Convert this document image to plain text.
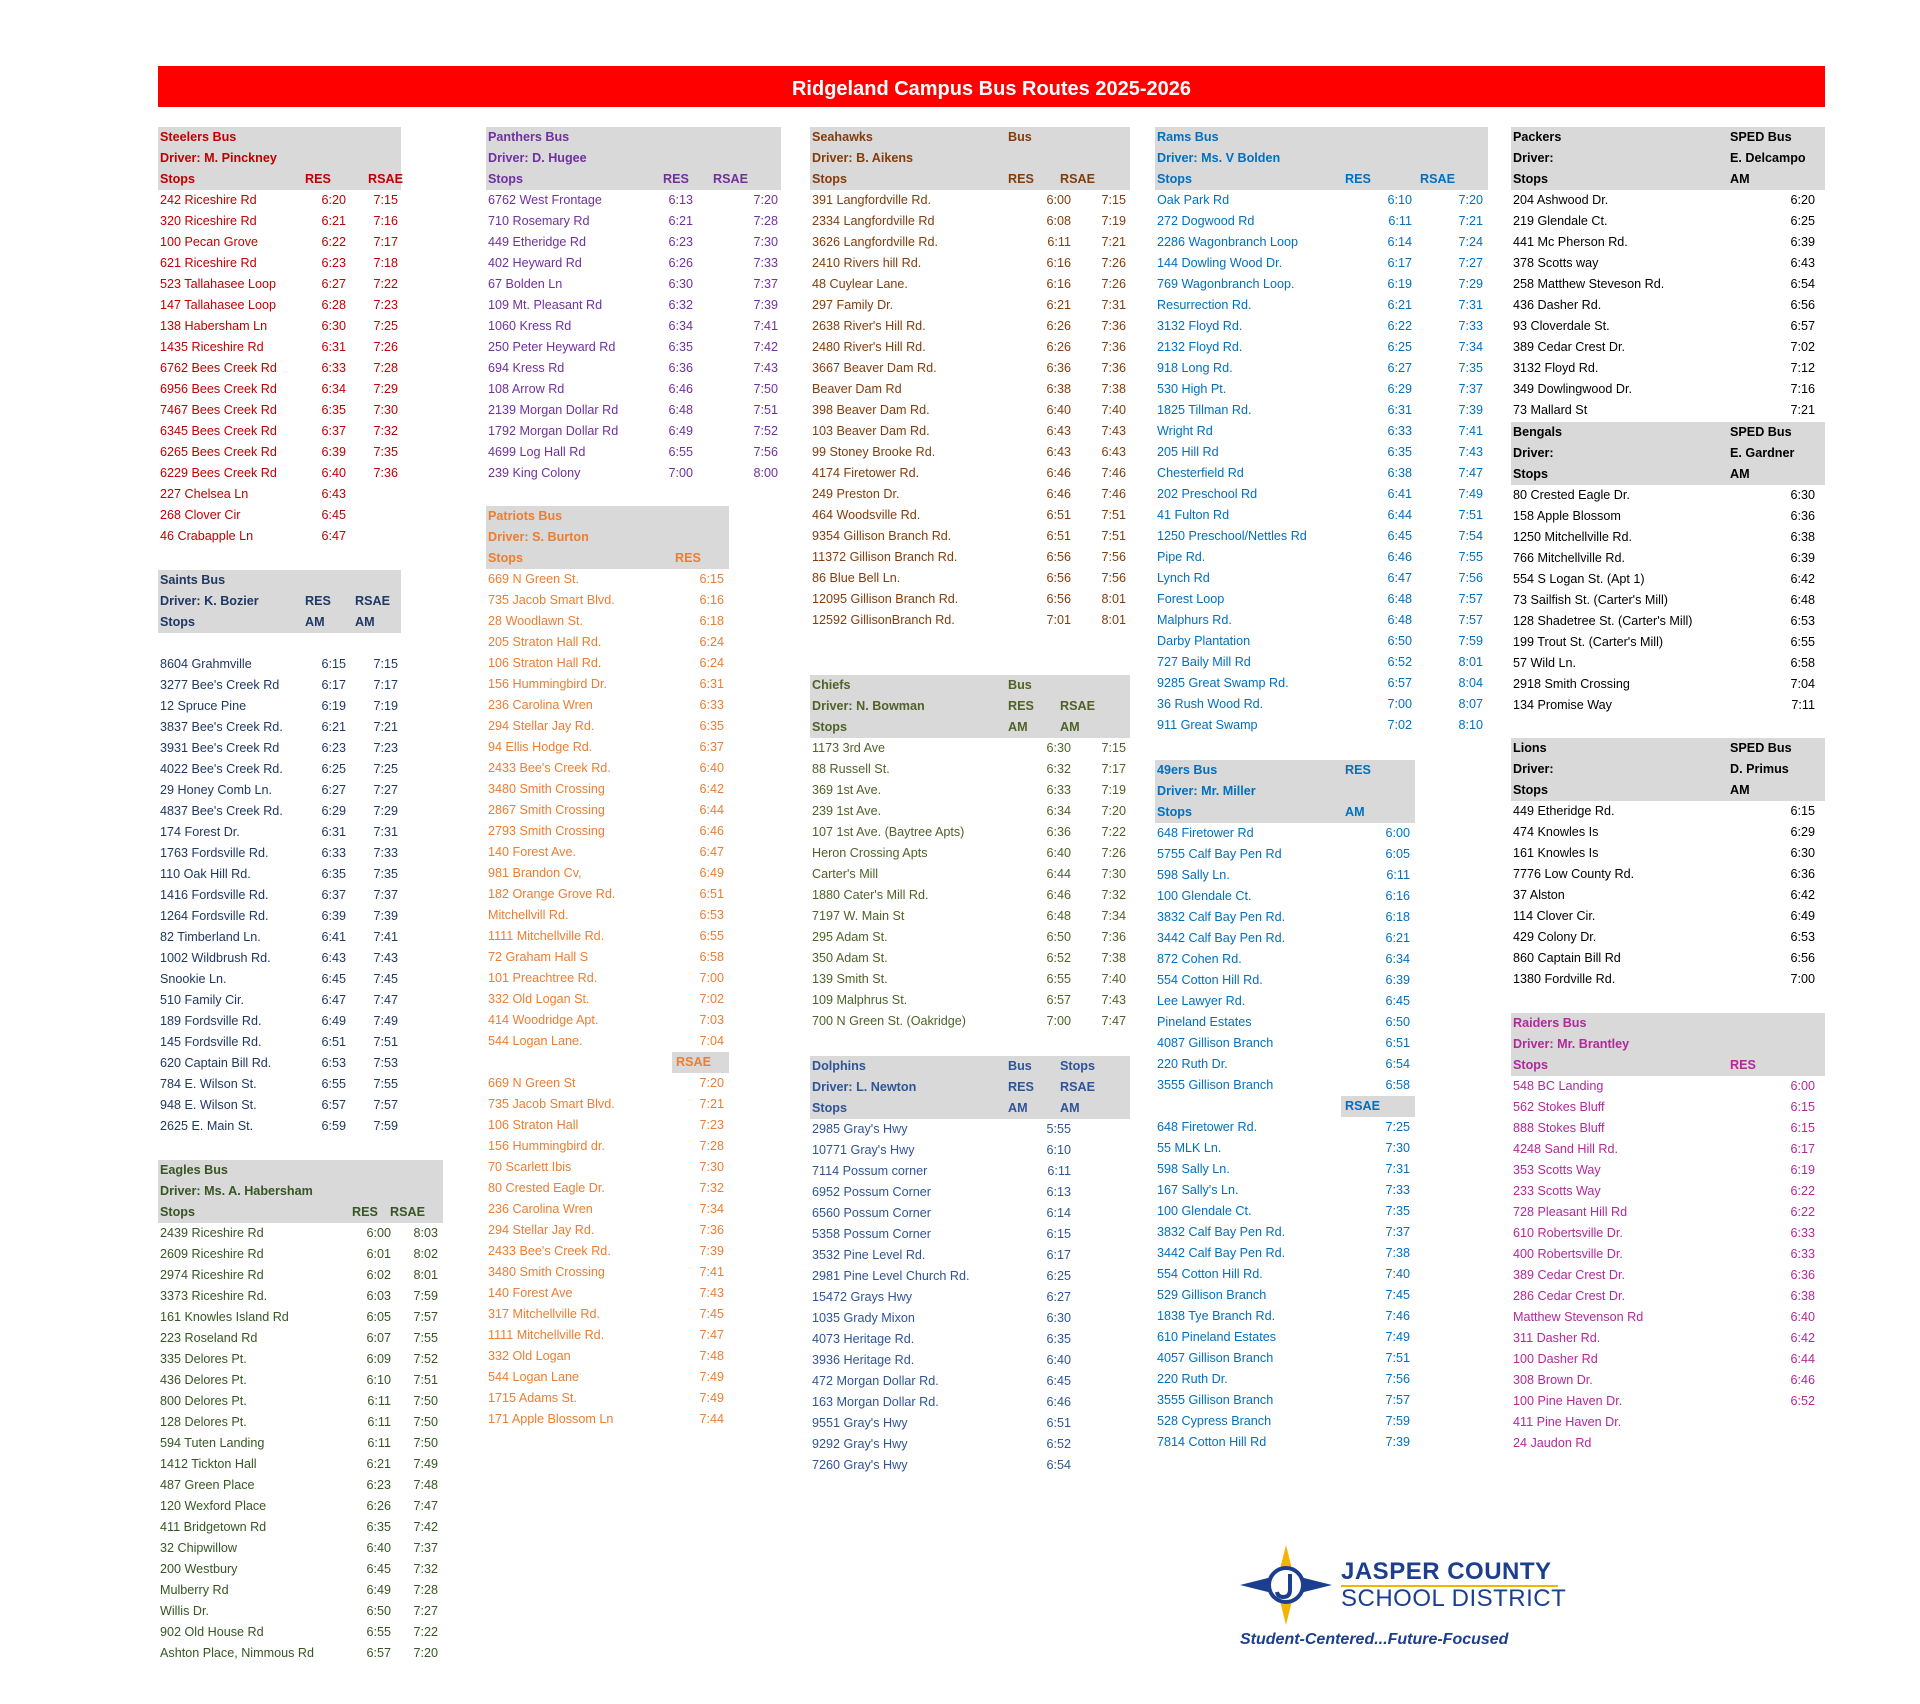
Ridgeland Campus Bus Routes 2025-2026
Steelers Bus
Driver: M. Pinckney
Stops	RES	RSAE
242 Riceshire Rd	6:20 7:15
320 Riceshire Rd	6:21 7:16
100 Pecan Grove	6:22 7:17
621 Riceshire Rd	6:23 7:18
523 Tallahasee Loop	6:27 7:22
147 Tallahasee Loop	6:28 7:23
138 Habersham Ln	6:30 7:25
1435 Riceshire Rd	6:31 7:26
6762 Bees Creek Rd	6:33 7:28
6956 Bees Creek Rd	6:34 7:29
7467 Bees Creek Rd	6:35 7:30
6345 Bees Creek Rd	6:37 7:32
6265 Bees Creek Rd	6:39 7:35
6229 Bees Creek Rd	6:40 7:36
227 Chelsea Ln	6:43
268 Clover Cir	6:45
46 Crabapple Ln	6:47
Saints Bus
Driver: K. Bozier	RES RSAE
Stops	AM AM
8604 Grahmville	6:15 7:15
3277 Bee's Creek Rd	6:17 7:17
12 Spruce Pine	6:19 7:19
3837 Bee's Creek Rd.	6:21 7:21
3931 Bee's Creek Rd	6:23 7:23
4022 Bee's Creek Rd.	6:25 7:25
29 Honey Comb Ln.	6:27 7:27
4837 Bee's Creek Rd.	6:29 7:29
174 Forest Dr.	6:31 7:31
1763 Fordsville Rd.	6:33 7:33
110 Oak Hill Rd.	6:35 7:35
1416 Fordsville Rd.	6:37 7:37
1264 Fordsville Rd.	6:39 7:39
82 Timberland Ln.	6:41 7:41
1002 Wildbrush Rd.	6:43 7:43
Snookie Ln.	6:45 7:45
510 Family Cir.	6:47 7:47
189 Fordsville Rd.	6:49 7:49
145 Fordsville Rd.	6:51 7:51
620 Captain Bill Rd.	6:53 7:53
784 E. Wilson St.	6:55 7:55
948 E. Wilson St.	6:57 7:57
2625 E. Main St.	6:59 7:59
Eagles Bus
Driver: Ms. A. Habersham
Stops	RES RSAE
2439 Riceshire Rd	6:00 8:03
2609 Riceshire Rd	6:01 8:02
2974 Riceshire Rd	6:02 8:01
3373 Riceshire Rd.	6:03 7:59
161 Knowles Island Rd	6:05 7:57
223 Roseland Rd	6:07 7:55
335 Delores Pt.	6:09 7:52
436 Delores Pt.	6:10 7:51
800 Delores Pt.	6:11 7:50
128 Delores Pt.	6:11 7:50
594 Tuten Landing	6:11 7:50
1412 Tickton Hall	6:21 7:49
487 Green Place	6:23 7:48
120 Wexford Place	6:26 7:47
411 Bridgetown Rd	6:35 7:42
32 Chipwillow	6:40 7:37
200 Westbury	6:45 7:32
Mulberry Rd	6:49 7:28
Willis Dr.	6:50 7:27
902 Old House Rd	6:55 7:22
Ashton Place, Nimmous Rd	6:57 7:20
Panthers Bus
Driver: D. Hugee
Stops	RES RSAE
6762 West Frontage	6:13	7:20
710 Rosemary Rd	6:21	7:28
449 Etheridge Rd	6:23	7:30
402 Heyward Rd	6:26	7:33
67 Bolden Ln	6:30	7:37
109 Mt. Pleasant Rd	6:32	7:39
1060 Kress Rd	6:34	7:41
250 Peter Heyward Rd	6:35	7:42
694 Kress Rd	6:36	7:43
108 Arrow Rd	6:46	7:50
2139 Morgan Dollar Rd	6:48	7:51
1792 Morgan Dollar Rd	6:49	7:52
4699 Log Hall Rd	6:55	7:56
239 King Colony	7:00	8:00
Patriots Bus
Driver: S. Burton
Stops	RES
669 N Green St.	6:15
735 Jacob Smart Blvd.	6:16
28 Woodlawn St.	6:18
205 Straton Hall Rd.	6:24
106 Straton Hall Rd.	6:24
156 Hummingbird Dr.	6:31
236 Carolina Wren	6:33
294 Stellar Jay Rd.	6:35
94 Ellis Hodge Rd.	6:37
2433 Bee's Creek Rd.	6:40
3480 Smith Crossing	6:42
2867 Smith Crossing	6:44
2793 Smith Crossing	6:46
140 Forest Ave.	6:47
981 Brandon Cv,	6:49
182 Orange Grove Rd.	6:51
Mitchellvill Rd.	6:53
1111 Mitchellville Rd.	6:55
72 Graham Hall S	6:58
101 Preachtree Rd.	7:00
332 Old Logan St.	7:02
414 Woodridge Apt.	7:03
544 Logan Lane.	7:04
RSAE
669 N Green St	7:20
735 Jacob Smart Blvd.	7:21
106 Straton Hall	7:23
156 Hummingbird dr.	7:28
70 Scarlett Ibis	7:30
80 Crested Eagle Dr.	7:32
236 Carolina Wren	7:34
294 Stellar Jay Rd.	7:36
2433 Bee's Creek Rd.	7:39
3480 Smith Crossing	7:41
140 Forest Ave	7:43
317 Mitchellville Rd.	7:45
1111 Mitchellville Rd.	7:47
332 Old Logan	7:48
544 Logan Lane	7:49
1715 Adams St.	7:49
171 Apple Blossom Ln	7:44
Seahawks	Bus
Driver: B. Aikens
Stops	RES RSAE
391 Langfordville Rd.	6:00 7:15
2334 Langfordville Rd	6:08 7:19
3626 Langfordville Rd.	6:11 7:21
2410 Rivers hill Rd.	6:16 7:26
48 Cuylear Lane.	6:16 7:26
297 Family Dr.	6:21 7:31
2638 River's Hill Rd.	6:26 7:36
2480 River's Hill Rd.	6:26 7:36
3667 Beaver Dam Rd.	6:36 7:36
Beaver Dam Rd	6:38 7:38
398 Beaver Dam Rd.	6:40 7:40
103 Beaver Dam Rd.	6:43 7:43
99 Stoney Brooke Rd.	6:43 6:43
4174 Firetower Rd.	6:46 7:46
249 Preston Dr.	6:46 7:46
464 Woodsville Rd.	6:51 7:51
9354 Gillison Branch Rd.	6:51 7:51
11372 Gillison Branch Rd.	6:56 7:56
86 Blue Bell Ln.	6:56 7:56
12095 Gillison Branch Rd.	6:56 8:01
12592 GillisonBranch Rd.	7:01 8:01
Chiefs	Bus
Driver: N. Bowman	RES RSAE
Stops	AM	AM
1173 3rd Ave	6:30 7:15
88 Russell St.	6:32 7:17
369 1st Ave.	6:33 7:19
239 1st Ave.	6:34 7:20
107 1st Ave. (Baytree Apts)	6:36 7:22
Heron Crossing Apts	6:40 7:26
Carter's Mill	6:44 7:30
1880 Cater's Mill Rd.	6:46 7:32
7197 W. Main St	6:48 7:34
295 Adam St.	6:50 7:36
350 Adam St.	6:52 7:38
139 Smith St.	6:55 7:40
109 Malphrus St.	6:57 7:43
700 N Green St. (Oakridge)	7:00 7:47
Dolphins	Bus Stops
Driver: L. Newton	RES RSAE
Stops	AM	AM
2985 Gray's Hwy	5:55
10771 Gray's Hwy	6:10
7114 Possum corner	6:11
6952 Possum Corner	6:13
6560 Possum Corner	6:14
5358 Possum Corner	6:15
3532 Pine Level Rd.	6:17
2981 Pine Level Church Rd.	6:25
15472 Grays Hwy	6:27
1035 Grady Mixon	6:30
4073 Heritage Rd.	6:35
3936 Heritage Rd.	6:40
472 Morgan Dollar Rd.	6:45
163 Morgan Dollar Rd.	6:46
9551 Gray's Hwy	6:51
9292 Gray's Hwy	6:52
7260 Gray's Hwy	6:54
Rams Bus
Driver: Ms. V Bolden
Stops	RES	RSAE
Oak Park Rd	6:10	7:20
272 Dogwood Rd	6:11	7:21
2286 Wagonbranch Loop	6:14	7:24
144 Dowling Wood Dr.	6:17	7:27
769 Wagonbranch Loop.	6:19	7:29
Resurrection Rd.	6:21	7:31
3132 Floyd Rd.	6:22	7:33
2132 Floyd Rd.	6:25	7:34
918 Long Rd.	6:27	7:35
530 High Pt.	6:29	7:37
1825 Tillman Rd.	6:31	7:39
Wright Rd	6:33	7:41
205 Hill Rd	6:35	7:43
Chesterfield Rd	6:38	7:47
202 Preschool Rd	6:41	7:49
41 Fulton Rd	6:44	7:51
1250 Preschool/Nettles Rd	6:45	7:54
Pipe Rd.	6:46	7:55
Lynch Rd	6:47	7:56
Forest Loop	6:48	7:57
Malphurs Rd.	6:48	7:57
Darby Plantation	6:50	7:59
727 Baily Mill Rd	6:52	8:01
9285 Great Swamp Rd.	6:57	8:04
36 Rush Wood Rd.	7:00	8:07
911 Great Swamp	7:02	8:10
49ers Bus	RES
Driver: Mr. Miller
Stops	AM
648 Firetower Rd	6:00
5755 Calf Bay Pen Rd	6:05
598 Sally Ln.	6:11
100 Glendale Ct.	6:16
3832 Calf Bay Pen Rd.	6:18
3442 Calf Bay Pen Rd.	6:21
872 Cohen Rd.	6:34
554 Cotton Hill Rd.	6:39
Lee Lawyer Rd.	6:45
Pineland Estates	6:50
4087 Gillison Branch	6:51
220 Ruth Dr.	6:54
3555 Gillison Branch	6:58
RSAE
648 Firetower Rd.	7:25
55 MLK Ln.	7:30
598 Sally Ln.	7:31
167 Sally's Ln.	7:33
100 Glendale Ct.	7:35
3832 Calf Bay Pen Rd.	7:37
3442 Calf Bay Pen Rd.	7:38
554 Cotton Hill Rd.	7:40
529 Gillison Branch	7:45
1838 Tye Branch Rd.	7:46
610 Pineland Estates	7:49
4057 Gillison Branch	7:51
220 Ruth Dr.	7:56
3555 Gillison Branch	7:57
528 Cypress Branch	7:59
7814 Cotton Hill Rd	7:39
Packers	SPED Bus
Driver:	E. Delcampo
Stops	AM
204 Ashwood Dr.	6:20
219 Glendale Ct.	6:25
441 Mc Pherson Rd.	6:39
378 Scotts way	6:43
258 Matthew Steveson Rd.	6:54
436 Dasher Rd.	6:56
93 Cloverdale St.	6:57
389 Cedar Crest Dr.	7:02
3132 Floyd Rd.	7:12
349 Dowlingwood Dr.	7:16
73 Mallard St	7:21
Bengals	SPED Bus
Driver:	E. Gardner
Stops	AM
80 Crested Eagle Dr.	6:30
158 Apple Blossom	6:36
1250 Mitchellville Rd.	6:38
766 Mitchellville Rd.	6:39
554 S Logan St. (Apt 1)	6:42
73 Sailfish St. (Carter's Mill)	6:48
128 Shadetree St. (Carter's Mill)	6:53
199 Trout St. (Carter's Mill)	6:55
57 Wild Ln.	6:58
2918 Smith Crossing	7:04
134 Promise Way	7:11
Lions	SPED Bus
Driver:	D. Primus
Stops	AM
449 Etheridge Rd.	6:15
474 Knowles Is	6:29
161 Knowles Is	6:30
7776 Low County Rd.	6:36
37 Alston	6:42
114 Clover Cir.	6:49
429 Colony Dr.	6:53
860 Captain Bill Rd	6:56
1380 Fordville Rd.	7:00
Raiders Bus
Driver: Mr. Brantley
Stops	RES
548 BC Landing	6:00
562 Stokes Bluff	6:15
888 Stokes Bluff	6:15
4248 Sand Hill Rd.	6:17
353 Scotts Way	6:19
233 Scotts Way	6:22
728 Pleasant Hill Rd	6:22
610 Robertsville Dr.	6:33
400 Robertsville Dr.	6:33
389 Cedar Crest Dr.	6:36
286 Cedar Crest Dr.	6:38
Matthew Stevenson Rd	6:40
311 Dasher Rd.	6:42
100 Dasher Rd	6:44
308 Brown Dr.	6:46
100 Pine Haven Dr.	6:52
411 Pine Haven Dr.
24 Jaudon Rd
JASPER COUNTY
SCHOOL DISTRICT
Student-Centered...Future-Focused
